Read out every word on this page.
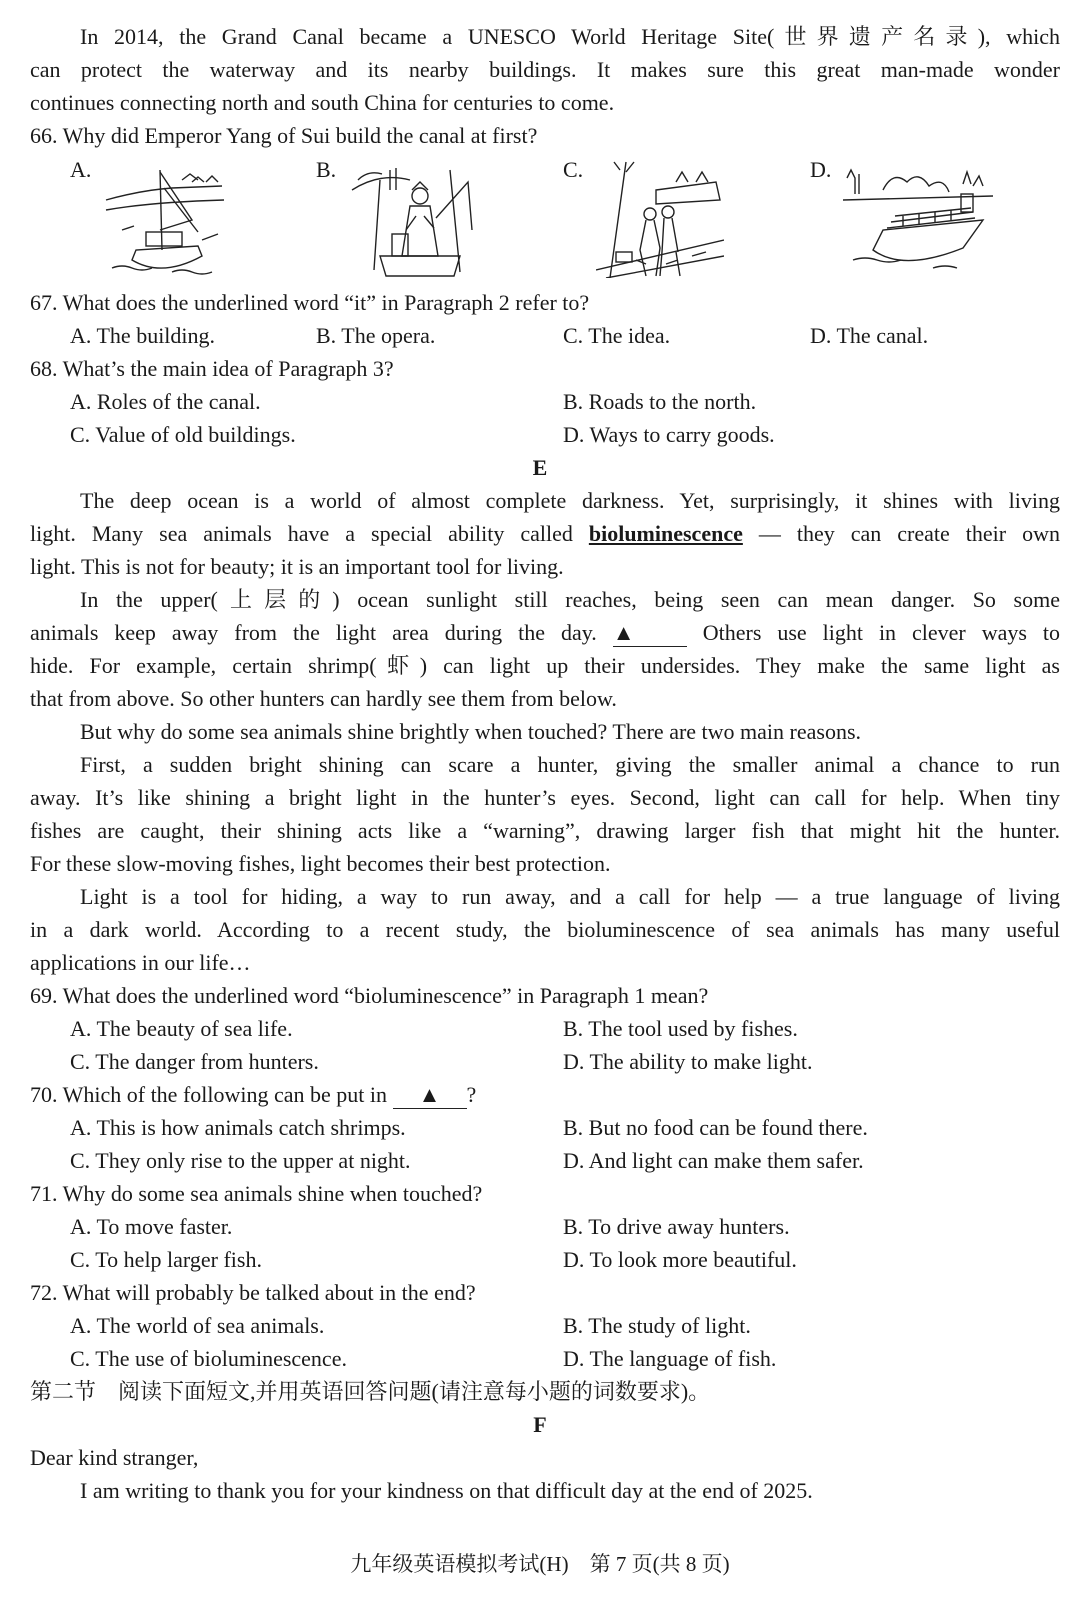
In 2014, the Grand Canal became a UNESCO World Heritage Site(世界遗产名录), which
can protect the waterway and its nearby buildings. It makes sure this great man-made wonder
continues connecting north and south China for centuries to come.
66. Why did Emperor Yang of Sui build the canal at first?
A.	B.	C.	D.
67. What does the underlined word “it” in Paragraph 2 refer to?
A. The building.	B. The opera.	C. The idea.	D. The canal.
68. What’s the main idea of Paragraph 3?
A. Roles of the canal.	B. Roads to the north.
C. Value of old buildings.	D. Ways to carry goods.
E
The deep ocean is a world of almost complete darkness. Yet, surprisingly, it shines with living
light. Many sea animals have a special ability called bioluminescence — they can create their own
light. This is not for beauty; it is an important tool for living.
In the upper(上层的) ocean sunlight still reaches, being seen can mean danger. So some
animals keep away from the light area during the day. ▲	Others use light in clever ways to
hide. For example, certain shrimp(虾) can light up their undersides. They make the same light as
that from above. So other hunters can hardly see them from below.
But why do some sea animals shine brightly when touched? There are two main reasons.
First, a sudden bright shining can scare a hunter, giving the smaller animal a chance to run
away. It’s like shining a bright light in the hunter’s eyes. Second, light can call for help. When tiny
fishes are caught, their shining acts like a “warning”, drawing larger fish that might hit the hunter.
For these slow-moving fishes, light becomes their best protection.
Light is a tool for hiding, a way to run away, and a call for help — a true language of living
in a dark world. According to a recent study, the bioluminescence of sea animals has many useful
applications in our life…
69. What does the underlined word “bioluminescence” in Paragraph 1 mean?
A. The beauty of sea life.	B. The tool used by fishes.
C. The danger from hunters.	D. The ability to make light.
70. Which of the following can be put in ▲ ?
A. This is how animals catch shrimps.	B. But no food can be found there.
C. They only rise to the upper at night.	D. And light can make them safer.
71. Why do some sea animals shine when touched?
A. To move faster.	B. To drive away hunters.
C. To help larger fish.	D. To look more beautiful.
72. What will probably be talked about in the end?
A. The world of sea animals.	B. The study of light.
C. The use of bioluminescence.	D. The language of fish.
第二节　阅读下面短文,并用英语回答问题(请注意每小题的词数要求)。
F
Dear kind stranger,
I am writing to thank you for your kindness on that difficult day at the end of 2025.
九年级英语模拟考试(H)　第 7 页(共 8 页)
